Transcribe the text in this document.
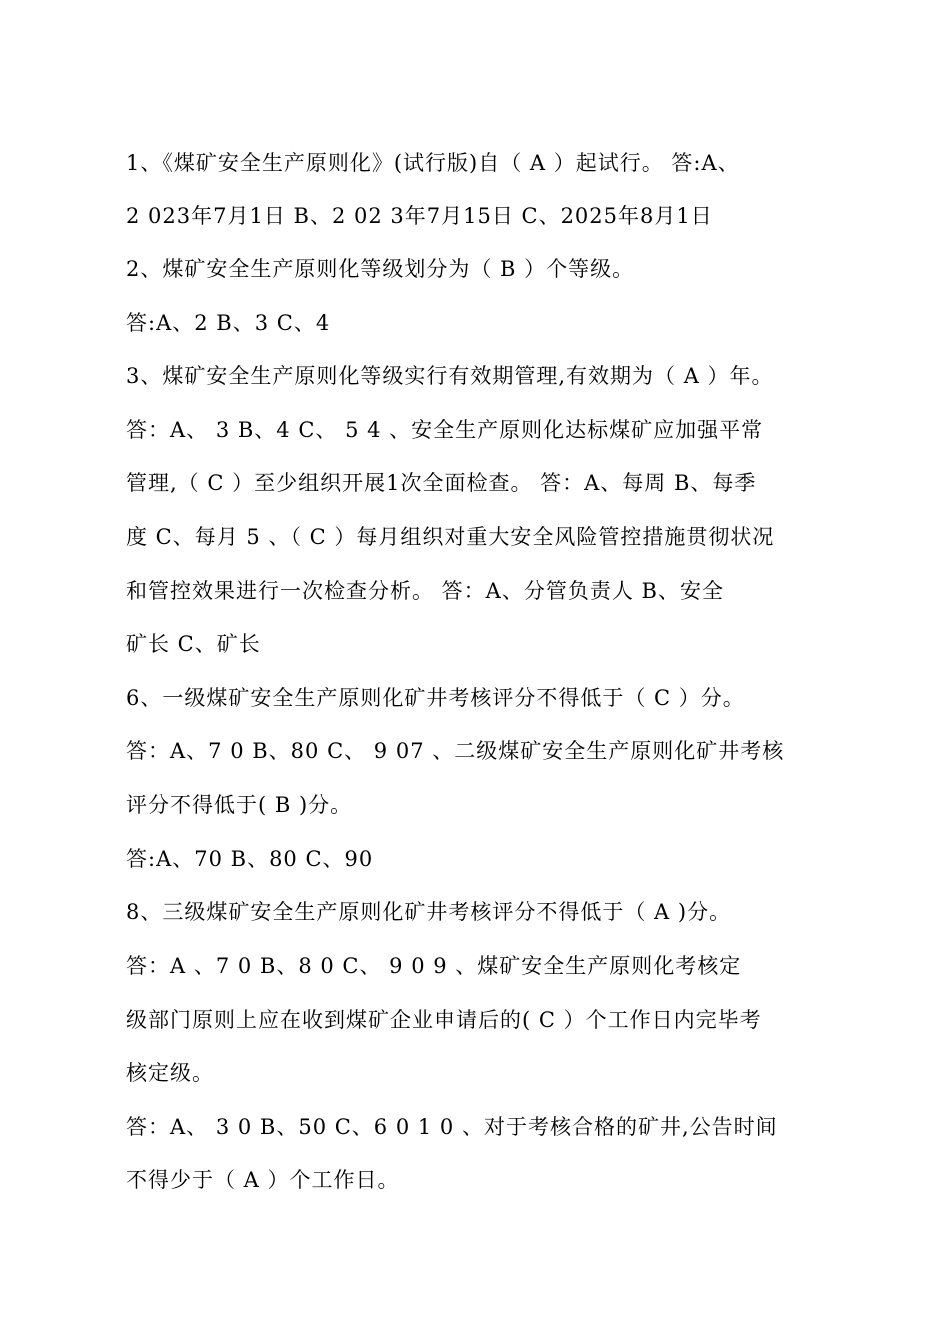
1、《煤矿安全生产原则化》(试行版)自（ A ）起试行。 答:A、
2 023年7月1日 B、2 02 3年7月15日 C、2025年8月1日
2、煤矿安全生产原则化等级划分为（ B ）个等级。
答:A、2 B、3 C、4
3、煤矿安全生产原则化等级实行有效期管理,有效期为（ A ）年。
答：A、 3 B、4 C、 5 4 、安全生产原则化达标煤矿应加强平常
管理,（ C ）至少组织开展1次全面检查。 答：A、每周 B、每季
度 C、每月 5 、（ C ）每月组织对重大安全风险管控措施贯彻状况
和管控效果进行一次检查分析。 答：A、分管负责人 B、安全
矿长 C、矿长
6、一级煤矿安全生产原则化矿井考核评分不得低于（ C ）分。
答：A、7 0 B、80 C、 9 07 、二级煤矿安全生产原则化矿井考核
评分不得低于( B )分。
答:A、70 B、80 C、90
8、三级煤矿安全生产原则化矿井考核评分不得低于（ A )分。
答：A 、7 0 B、8 0 C、 9 0 9 、煤矿安全生产原则化考核定
级部门原则上应在收到煤矿企业申请后的( C ）个工作日内完毕考
核定级。
答：A、 3 0 B、50 C、6 0 1 0 、对于考核合格的矿井,公告时间
不得少于（ A ）个工作日。
